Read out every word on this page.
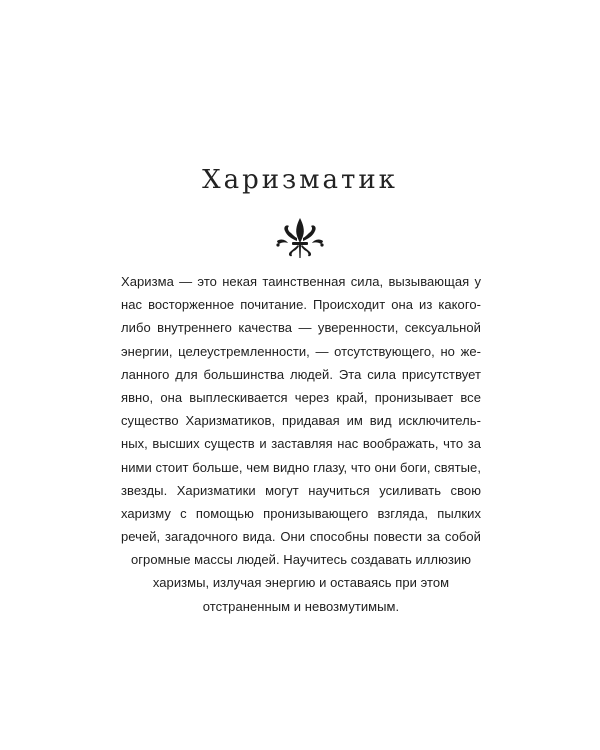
Харизматик
Харизма — это некая таинственная сила, вызывающая у
нас восторженное почитание. Происходит она из какого-
либо внутреннего качества — уверенности, сексуальной
энергии, целеустремленности, — отсутствующего, но же-
ланного для большинства людей. Эта сила присутствует
явно, она выплескивается через край, пронизывает все
существо Харизматиков, придавая им вид исключитель-
ных, высших существ и заставляя нас воображать, что за
ними стоит больше, чем видно глазу, что они боги, святые,
звезды. Харизматики могут научиться усиливать свою
харизму с помощью пронизывающего взгляда, пылких
речей, загадочного вида. Они способны повести за собой
огромные массы людей. Научитесь создавать иллюзию
харизмы, излучая энергию и оставаясь при этом
отстраненным и невозмутимым.
